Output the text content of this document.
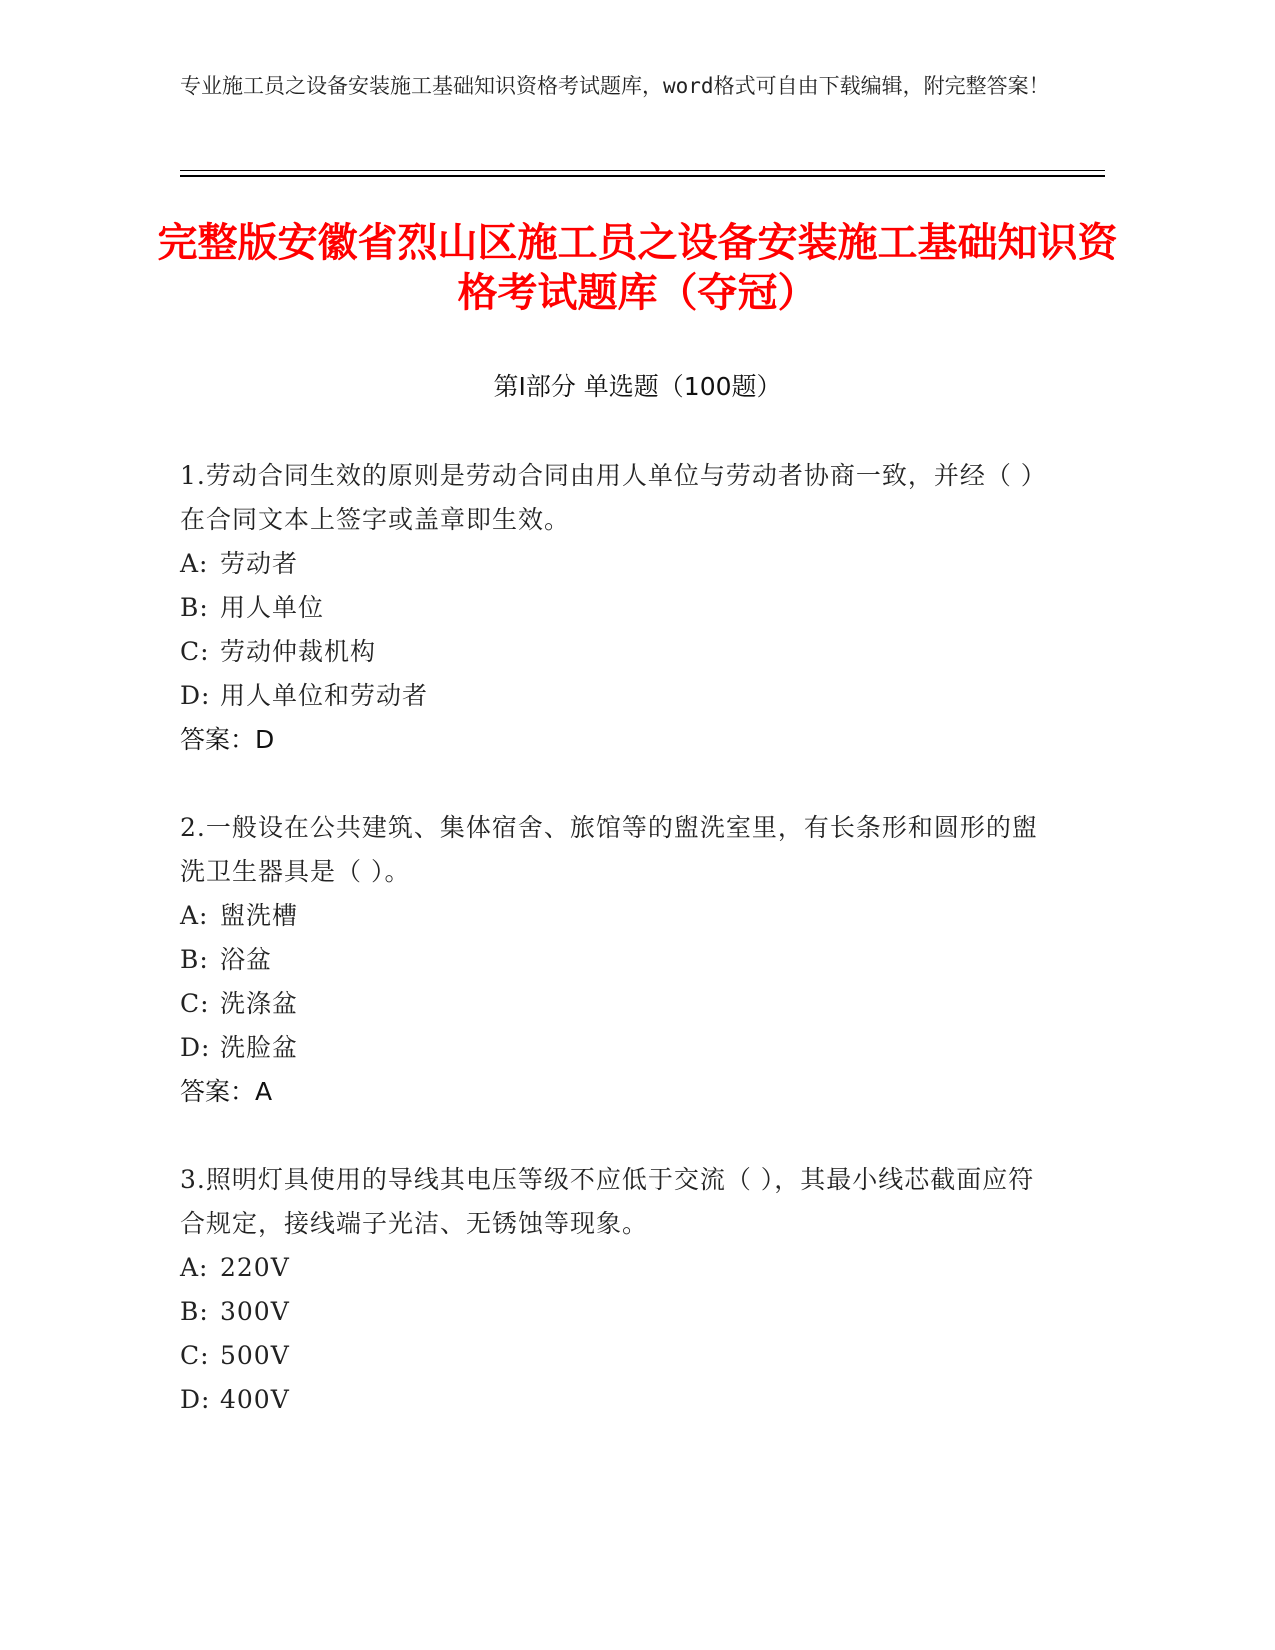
专业施工员之设备安装施工基础知识资格考试题库，word格式可自由下载编辑，附完整答案！
完整版安徽省烈山区施工员之设备安装施工基础知识资格考试题库（夺冠）
第Ⅰ部分 单选题（100题）
1.劳动合同生效的原则是劳动合同由用人单位与劳动者协商一致，并经（ ）在合同文本上签字或盖章即生效。
A: 劳动者
B: 用人单位
C: 劳动仲裁机构
D: 用人单位和劳动者
答案：D
2.一般设在公共建筑、集体宿舍、旅馆等的盥洗室里，有长条形和圆形的盥洗卫生器具是（ ）。
A: 盥洗槽
B: 浴盆
C: 洗涤盆
D: 洗脸盆
答案：A
3.照明灯具使用的导线其电压等级不应低于交流（ ），其最小线芯截面应符合规定，接线端子光洁、无锈蚀等现象。
A: 220V
B: 300V
C: 500V
D: 400V
